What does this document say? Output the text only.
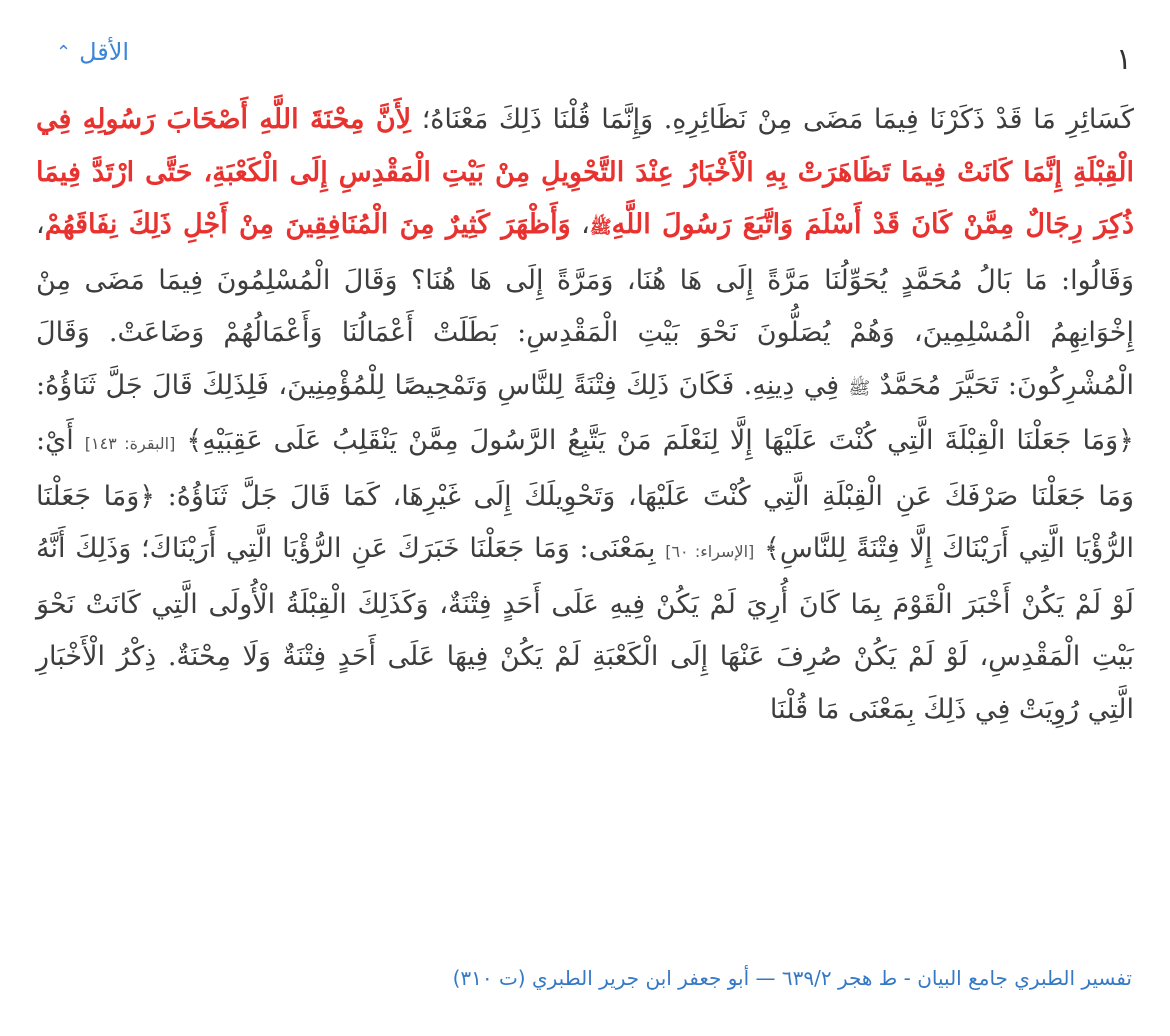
⌃ الأقل	١
كَسَائِرِ مَا قَدْ ذَكَرْنَا فِيمَا مَضَى مِنْ نَظَائِرِهِ. وَإِنَّمَا قُلْنَا ذَلِكَ مَعْنَاهُ؛ لِأَنَّ مِحْنَةَ اللَّهِ أَصْحَابَ رَسُولِهِ فِي الْقِبْلَةِ إِنَّمَا كَانَتْ فِيمَا تَظَاهَرَتْ بِهِ الْأَخْبَارُ عِنْدَ التَّحْوِيلِ مِنْ بَيْتِ الْمَقْدِسِ إِلَى الْكَعْبَةِ، حَتَّى ارْتَدَّ فِيمَا ذُكِرَ رِجَالٌ مِمَّنْ كَانَ قَدْ أَسْلَمَ وَاتَّبَعَ رَسُولَ اللَّهِﷺ، وَأَظْهَرَ كَثِيرٌ مِنَ الْمُنَافِقِينَ مِنْ أَجْلِ ذَلِكَ نِفَاقَهُمْ، وَقَالُوا: مَا بَالُ مُحَمَّدٍ يُحَوِّلُنَا مَرَّةً إِلَى هَا هُنَا، وَمَرَّةً إِلَى هَا هُنَا؟ وَقَالَ الْمُسْلِمُونَ فِيمَا مَضَى مِنْ إِخْوَانِهِمُ الْمُسْلِمِينَ، وَهُمْ يُصَلُّونَ نَحْوَ بَيْتِ الْمَقْدِسِ: بَطَلَتْ أَعْمَالُنَا وَأَعْمَالُهُمْ وَضَاعَتْ. وَقَالَ الْمُشْرِكُونَ: تَحَيَّرَ مُحَمَّدٌ ﷺ فِي دِينِهِ. فَكَانَ ذَلِكَ فِتْنَةً لِلنَّاسِ وَتَمْحِيصًا لِلْمُؤْمِنِينَ، فَلِذَلِكَ قَالَ جَلَّ ثَنَاؤُهُ: ﴿وَمَا جَعَلْنَا الْقِبْلَةَ الَّتِي كُنْتَ عَلَيْهَا إِلَّا لِنَعْلَمَ مَنْ يَتَّبِعُ الرَّسُولَ مِمَّنْ يَنْقَلِبُ عَلَى عَقِبَيْهِ﴾ [البقرة: ١٤٣] أَيْ: وَمَا جَعَلْنَا صَرْفَكَ عَنِ الْقِبْلَةِ الَّتِي كُنْتَ عَلَيْهَا، وَتَحْوِيلَكَ إِلَى غَيْرِهَا، كَمَا قَالَ جَلَّ ثَنَاؤُهُ: ﴿وَمَا جَعَلْنَا الرُّؤْيَا الَّتِي أَرَيْنَاكَ إِلَّا فِتْنَةً لِلنَّاسِ﴾ [الإسراء: ٦٠] بِمَعْنَى: وَمَا جَعَلْنَا خَبَرَكَ عَنِ الرُّؤْيَا الَّتِي أَرَيْنَاكَ؛ وَذَلِكَ أَنَّهُ لَوْ لَمْ يَكُنْ أَخْبَرَ الْقَوْمَ بِمَا كَانَ أُرِيَ لَمْ يَكُنْ فِيهِ عَلَى أَحَدٍ فِتْنَةٌ، وَكَذَلِكَ الْقِبْلَةُ الْأُولَى الَّتِي كَانَتْ نَحْوَ بَيْتِ الْمَقْدِسِ، لَوْ لَمْ يَكُنْ صُرِفَ عَنْهَا إِلَى الْكَعْبَةِ لَمْ يَكُنْ فِيهَا عَلَى أَحَدٍ فِتْنَةٌ وَلَا مِحْنَةٌ. ذِكْرُ الْأَخْبَارِ الَّتِي رُوِيَتْ فِي ذَلِكَ بِمَعْنَى مَا قُلْنَا
تفسير الطبري جامع البيان - ط هجر ٦٣٩/٢ — أبو جعفر ابن جرير الطبري (ت ٣١٠)
